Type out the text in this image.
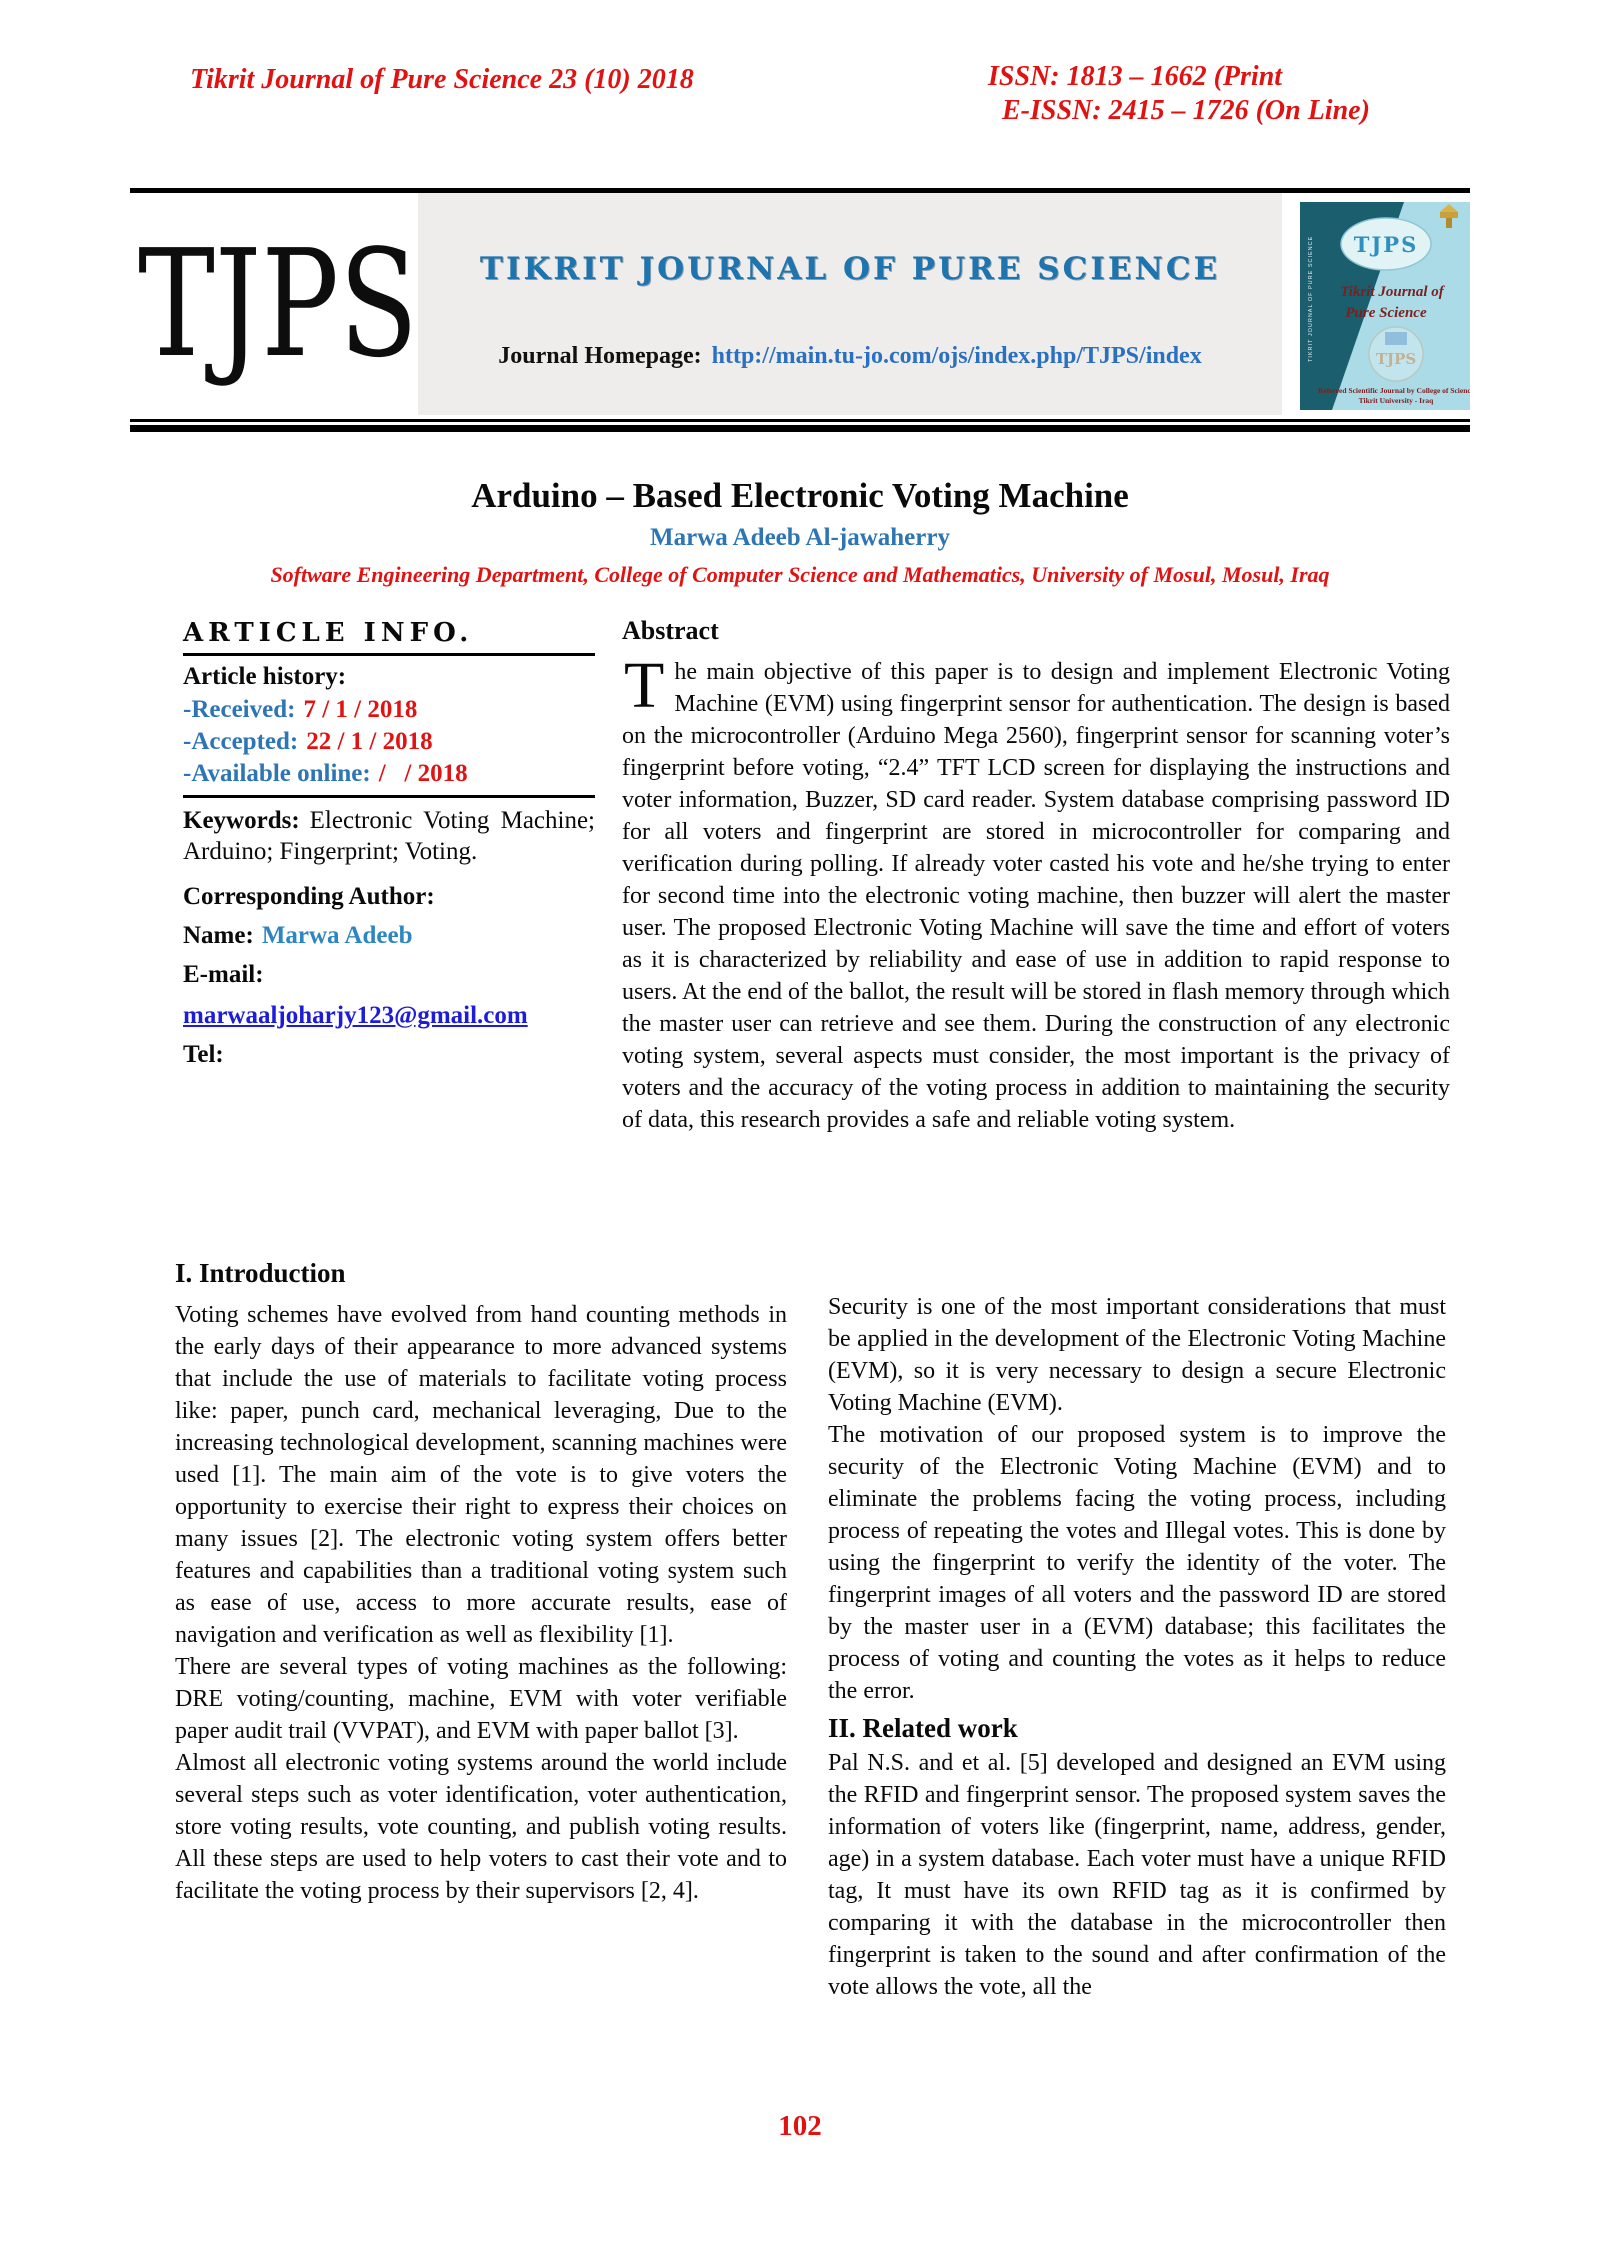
Tikrit Journal of Pure Science 23 (10) 2018	ISSN: 1813 – 1662 (Print
E-ISSN: 2415 – 1726 (On Line)
TJPS	TIKRIT JOURNAL OF PURE SCIENCE
Journal Homepage: http://main.tu-jo.com/ojs/index.php/TJPS/index
TJPS
Tikrit Journal of
Pure Science
TJPS
TIKRIT JOURNAL OF PURE SCIENCE
Refereed Scientific Journal by College of Science
Tikrit University - Iraq
Arduino – Based Electronic Voting Machine
Marwa Adeeb Al-jawaherry
Software Engineering Department, College of Computer Science and Mathematics, University of Mosul, Mosul, Iraq
ARTICLE INFO.
Article history:
-Received: 7 / 1 / 2018
-Accepted: 22 / 1 / 2018
-Available online: /   / 2018
Keywords: Electronic Voting Machine; Arduino; Fingerprint; Voting.
Corresponding Author:
Name: Marwa Adeeb
E-mail:
marwaaljoharjy123@gmail.com
Tel:
Abstract
The main objective of this paper is to design and implement Electronic Voting Machine (EVM) using fingerprint sensor for authentication. The design is based on the microcontroller (Arduino Mega 2560), fingerprint sensor for scanning voter’s fingerprint before voting, “2.4” TFT LCD screen for displaying the instructions and voter information, Buzzer, SD card reader. System database comprising password ID for all voters and fingerprint are stored in microcontroller for comparing and verification during polling. If already voter casted his vote and he/she trying to enter for second time into the electronic voting machine, then buzzer will alert the master user. The proposed Electronic Voting Machine will save the time and effort of voters as it is characterized by reliability and ease of use in addition to rapid response to users. At the end of the ballot, the result will be stored in flash memory through which the master user can retrieve and see them. During the construction of any electronic voting system, several aspects must consider, the most important is the privacy of voters and the accuracy of the voting process in addition to maintaining the security of data, this research provides a safe and reliable voting system.
I. Introduction

Voting schemes have evolved from hand counting methods in the early days of their appearance to more advanced systems that include the use of materials to facilitate voting process like: paper, punch card, mechanical leveraging, Due to the increasing technological development, scanning machines were used [1]. The main aim of the vote is to give voters the opportunity to exercise their right to express their choices on many issues [2]. The electronic voting system offers better features and capabilities than a traditional voting system such as ease of use, access to more accurate results, ease of navigation and verification as well as flexibility [1].

There are several types of voting machines as the following: DRE voting/counting, machine, EVM with voter verifiable paper audit trail (VVPAT), and EVM with paper ballot [3].

Almost all electronic voting systems around the world include several steps such as voter identification, voter authentication, store voting results, vote counting, and publish voting results. All these steps are used to help voters to cast their vote and to facilitate the voting process by their supervisors [2, 4].

Security is one of the most important considerations that must be applied in the development of the Electronic Voting Machine (EVM), so it is very necessary to design a secure Electronic Voting Machine (EVM).

The motivation of our proposed system is to improve the security of the Electronic Voting Machine (EVM) and to eliminate the problems facing the voting process, including process of repeating the votes and Illegal votes. This is done by using the fingerprint to verify the identity of the voter. The fingerprint images of all voters and the password ID are stored by the master user in a (EVM) database; this facilitates the process of voting and counting the votes as it helps to reduce the error.

II. Related work

Pal N.S. and et al. [5] developed and designed an EVM using the RFID and fingerprint sensor. The proposed system saves the information of voters like (fingerprint, name, address, gender, age) in a system database. Each voter must have a unique RFID tag, It must have its own RFID tag as it is confirmed by comparing it with the database in the microcontroller then fingerprint is taken to the sound and after confirmation of the vote allows the vote, all the

102
